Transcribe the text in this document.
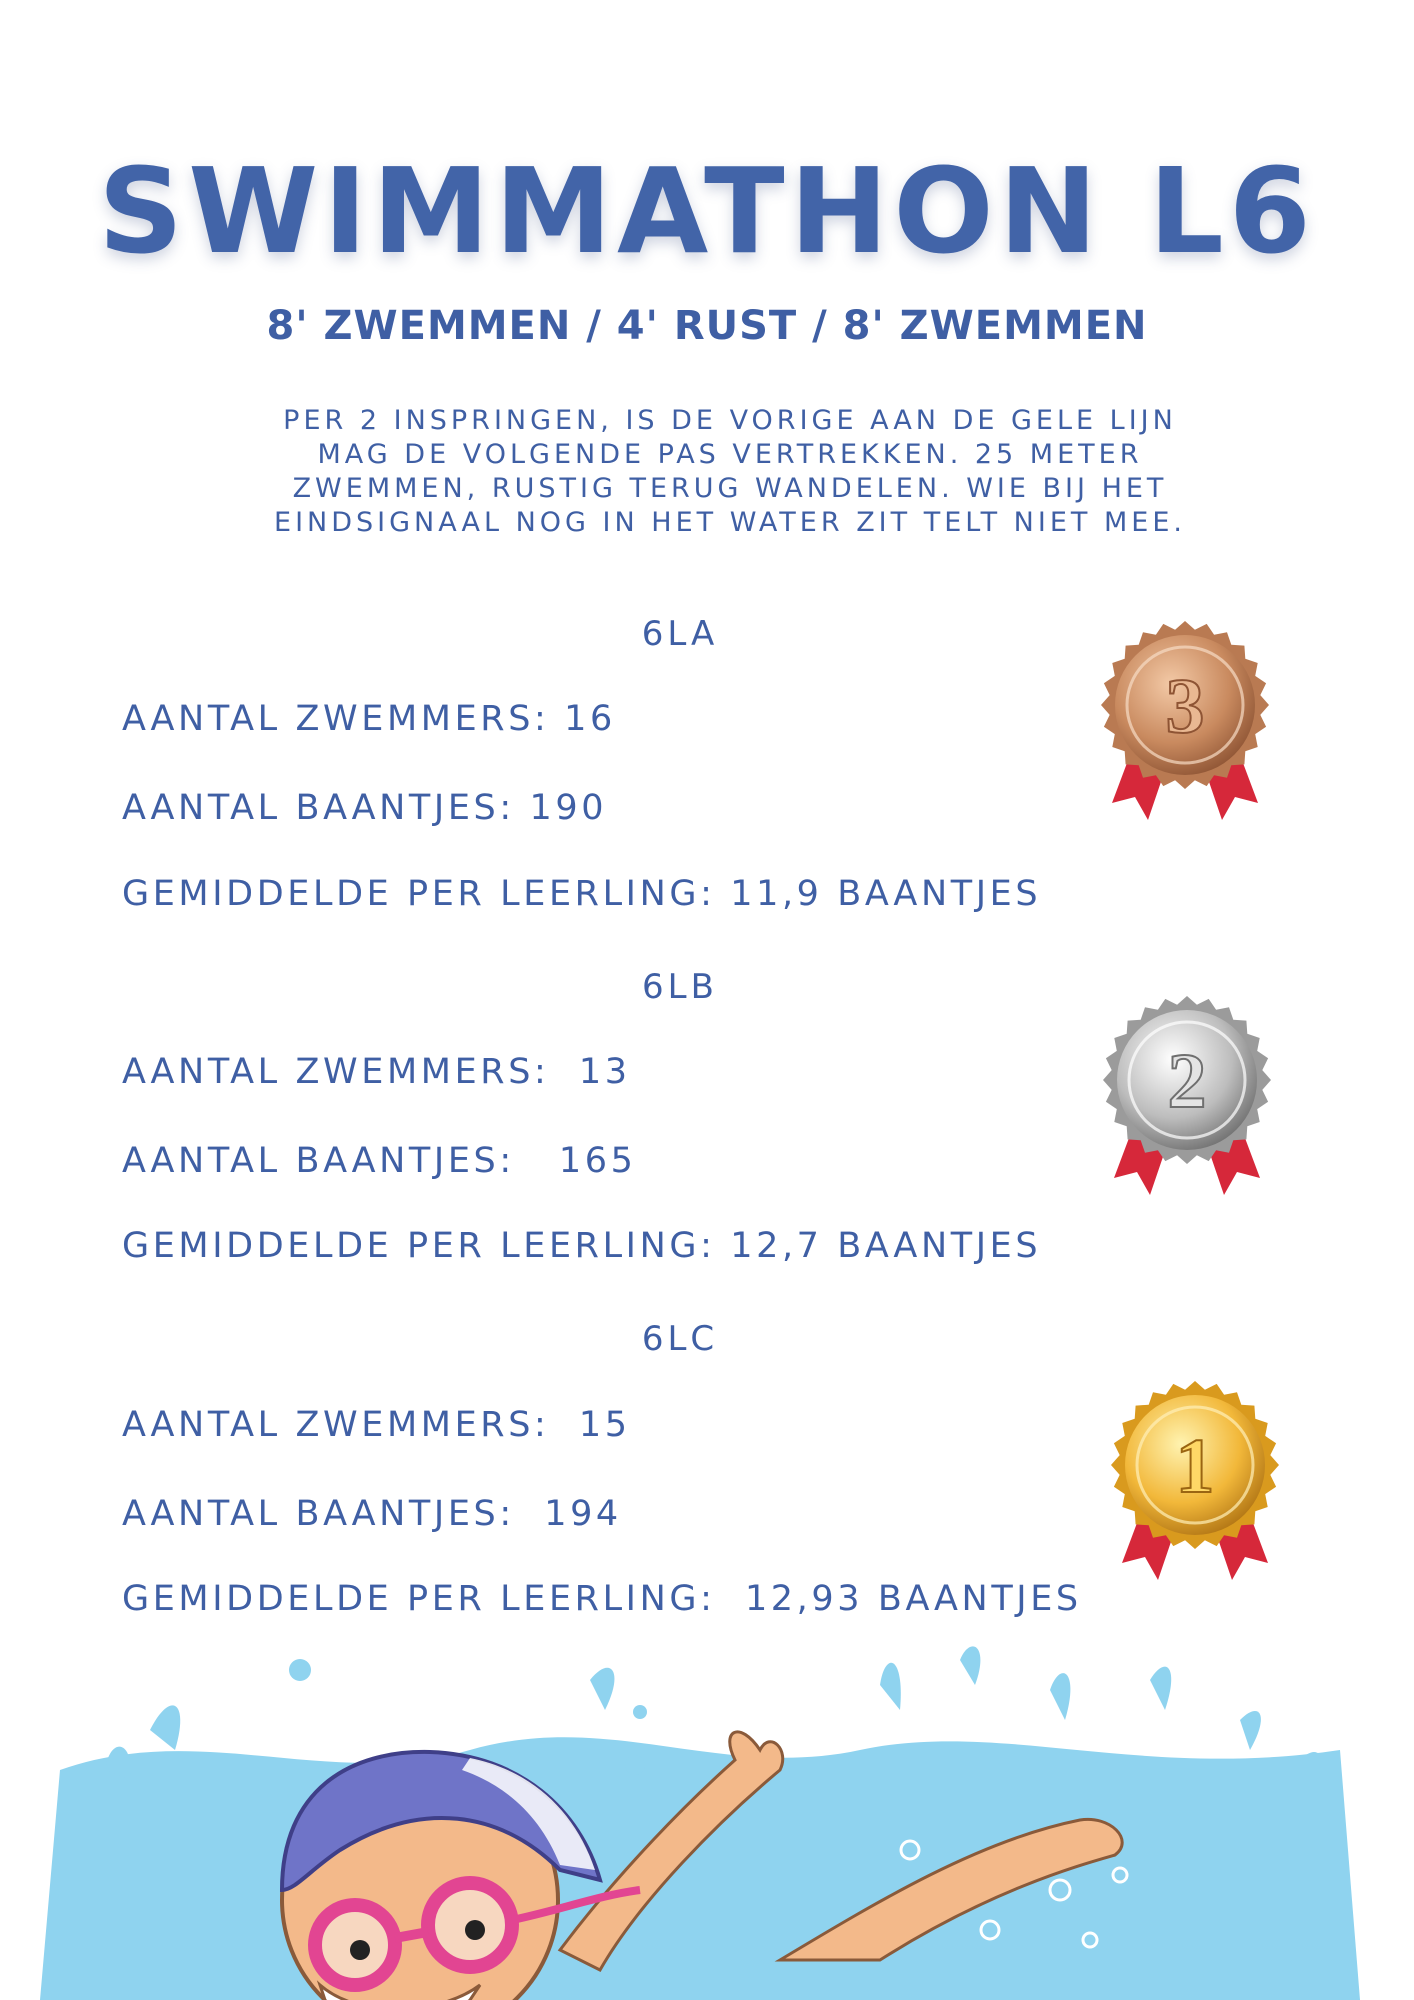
SWIMMATHON L6
8' ZWEMMEN / 4' RUST / 8' ZWEMMEN
PER 2 INSPRINGEN, IS DE VORIGE AAN DE GELE LIJN
MAG DE VOLGENDE PAS VERTREKKEN. 25 METER
ZWEMMEN, RUSTIG TERUG WANDELEN. WIE BIJ HET
EINDSIGNAAL NOG IN HET WATER ZIT TELT NIET MEE.
6LA
AANTAL ZWEMMERS: 16
AANTAL BAANTJES: 190
GEMIDDELDE PER LEERLING: 11,9 BAANTJES
6LB
AANTAL ZWEMMERS:  13
AANTAL BAANTJES:   165
GEMIDDELDE PER LEERLING: 12,7 BAANTJES
6LC
AANTAL ZWEMMERS:  15
AANTAL BAANTJES:  194
GEMIDDELDE PER LEERLING:  12,93 BAANTJES
3
2
1
